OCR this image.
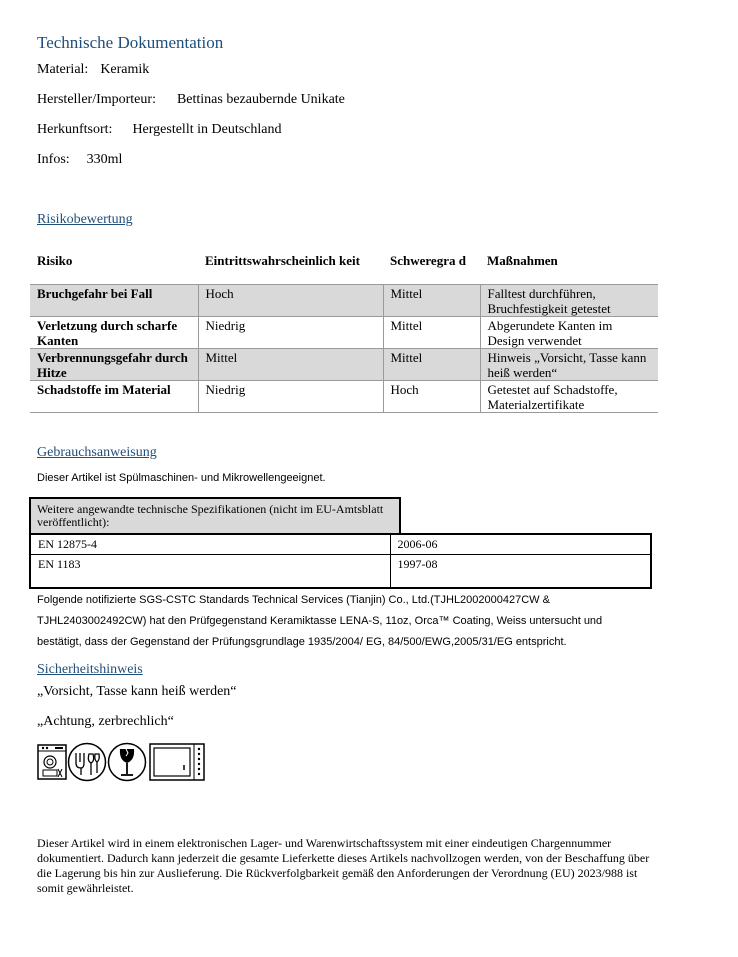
Technische Dokumentation
Material: Keramik
Hersteller/Importeur: Bettinas bezaubernde Unikate
Herkunftsort: Hergestellt in Deutschland
Infos: 330ml
Risikobewertung
Risiko	Eintrittswahrscheinlich keit	Schweregra d	Maßnahmen
Bruchgefahr bei Fall	Hoch	Mittel	Falltest durchführen, Bruchfestigkeit getestet
Verletzung durch scharfe Kanten	Niedrig	Mittel	Abgerundete Kanten im Design verwendet
Verbrennungsgefahr durch Hitze	Mittel	Mittel	Hinweis „Vorsicht, Tasse kann heiß werden“
Schadstoffe im Material	Niedrig	Hoch	Getestet auf Schadstoffe, Materialzertifikate
Gebrauchsanweisung
Dieser Artikel ist Spülmaschinen- und Mikrowellengeeignet.
Weitere angewandte technische Spezifikationen (nicht im EU-Amtsblatt veröffentlicht):
EN 12875-4	2006-06
EN 1183	1997-08
Folgende notifizierte SGS-CSTC Standards Technical Services (Tianjin) Co., Ltd.(TJHL2002000427CW & TJHL2403002492CW) hat den Prüfgegenstand Keramiktasse LENA-S, 11oz, Orca™ Coating, Weiss untersucht und bestätigt, dass der Gegenstand der Prüfungsgrundlage 1935/2004/ EG, 84/500/EWG,2005/31/EG entspricht.
Sicherheitshinweis
„Vorsicht, Tasse kann heiß werden“
„Achtung, zerbrechlich“
Dieser Artikel wird in einem elektronischen Lager- und Warenwirtschaftssystem mit einer eindeutigen Chargennummer dokumentiert. Dadurch kann jederzeit die gesamte Lieferkette dieses Artikels nachvollzogen werden, von der Beschaffung über die Lagerung bis hin zur Auslieferung. Die Rückverfolgbarkeit gemäß den Anforderungen der Verordnung (EU) 2023/988 ist somit gewährleistet.
